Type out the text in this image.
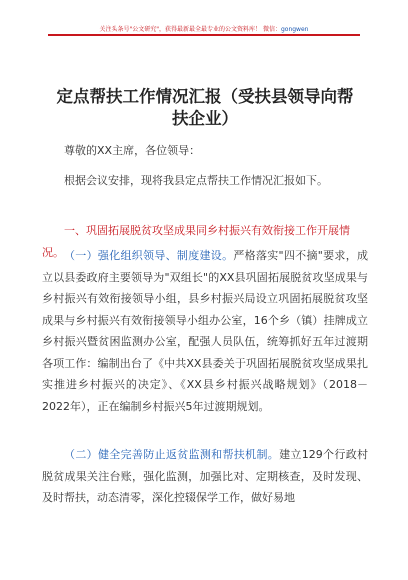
关注头条号"公文研究"，获得最新最全最专业的公文资料库！ 微信：gongwen
定点帮扶工作情况汇报（受扶县领导向帮扶企业）

尊敬的XX主席，各位领导：

根据会议安排，现将我县定点帮扶工作情况汇报如下。

一、巩固拓展脱贫攻坚成果同乡村振兴有效衔接工作开展情况。 （一）强化组织领导、制度建设。严格落实"四不摘"要求，成立以县委政府主要领导为"双组长"的XX县巩固拓展脱贫攻坚成果与乡村振兴有效衔接领导小组，县乡村振兴局设立巩固拓展脱贫攻坚成果与乡村振兴有效衔接领导小组办公室，16个乡（镇）挂牌成立乡村振兴暨贫困监测办公室，配强人员队伍，统筹抓好五年过渡期各项工作：编制出台了《中共XX县委关于巩固拓展脱贫攻坚成果扎实推进乡村振兴的决定》、《XX县乡村振兴战略规划》（2018－2022年），正在编制乡村振兴5年过渡期规划。

（二）健全完善防止返贫监测和帮扶机制。建立129个行政村脱贫成果关注台账，强化监测，加强比对、定期核查，及时发现、及时帮扶，动态清零，深化控辍保学工作，做好易地
